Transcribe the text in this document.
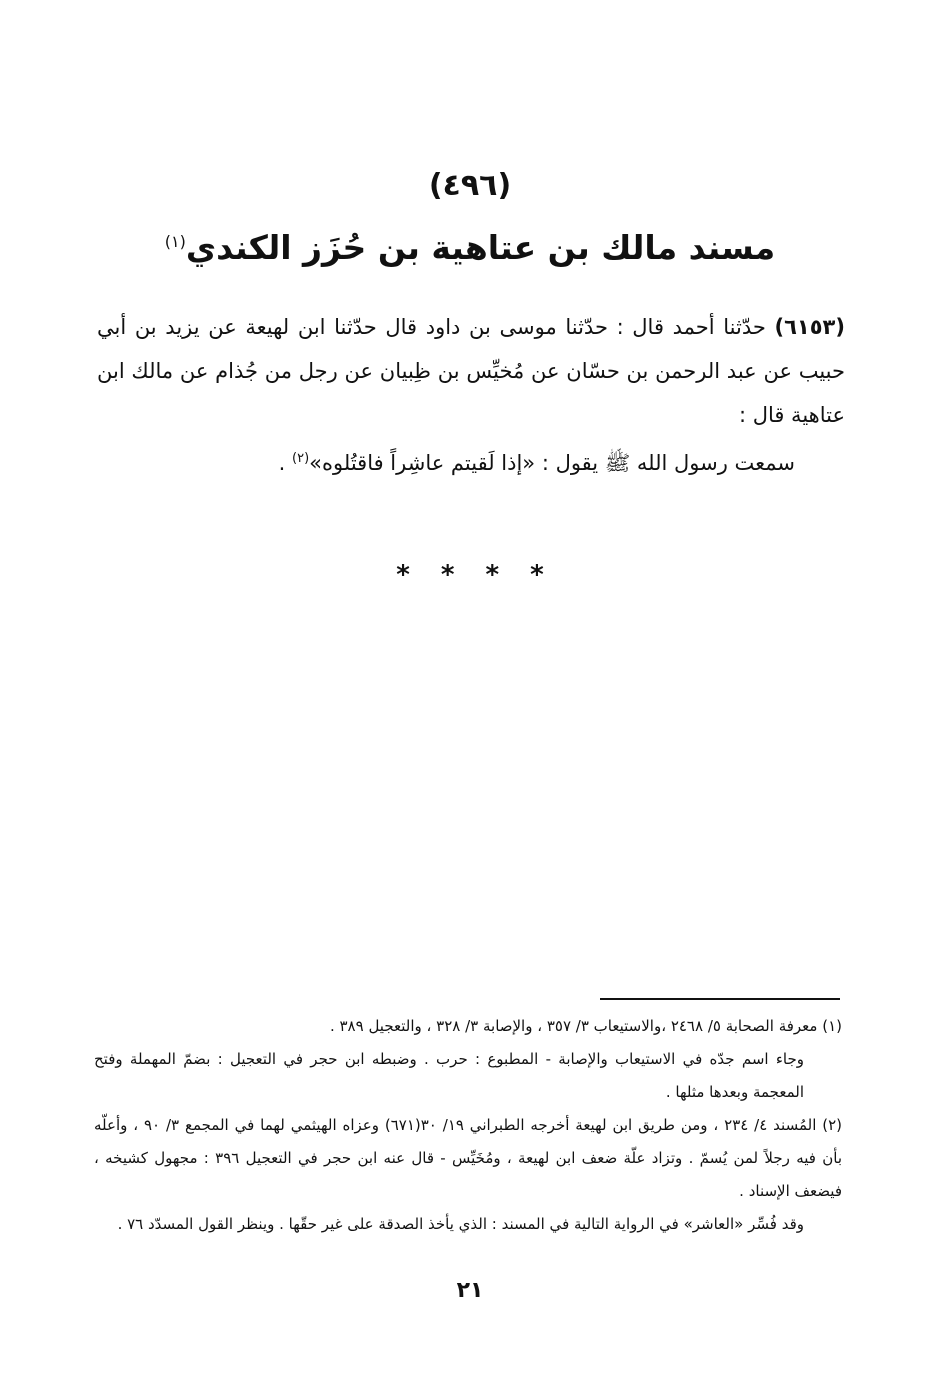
(٤٩٦)
مسند مالك بن عتاهية بن حُزَز الكندي$^{(١)}$

(٦١٥٣) حدّثنا أحمد قال : حدّثنا موسى بن داود قال حدّثنا ابن لهيعة عن يزيد بن أبي حبيب عن عبد الرحمن بن حسّان عن مُخيِّس بن ظِبيان عن رجل من جُذام عن مالك ابن عتاهية قال :

سمعت رسول الله ﷺ يقول : «إذا لَقيتم عاشِراً فاقتُلوه»$^{(٢)}$ .

* * * *

(١) معرفة الصحابة ٥/ ٢٤٦٨ ،والاستيعاب ٣/ ٣٥٧ ، والإصابة ٣/ ٣٢٨ ، والتعجيل ٣٨٩ .

وجاء اسم جدّه في الاستيعاب والإصابة - المطبوع : حرب . وضبطه ابن حجر في التعجيل : بضمّ المهملة وفتح المعجمة وبعدها مثلها .

(٢) المُسند ٤/ ٢٣٤ ، ومن طريق ابن لهيعة أخرجه الطبراني ١٩/ ٣٠(٦٧١) وعزاه الهيثمي لهما في المجمع ٣/ ٩٠ ، وأعلّه بأن فيه رجلاً لمن يُسمّ . وتزاد علّة ضعف ابن لهيعة ، ومُخَيِّس - قال عنه ابن حجر في التعجيل ٣٩٦ : مجهول كشيخه ، فيضعف الإسناد .

وقد فُسِّر «العاشر» في الرواية التالية في المسند : الذي يأخذ الصدقة على غير حقّها . وينظر القول المسدّد ٧٦ .

٢١
